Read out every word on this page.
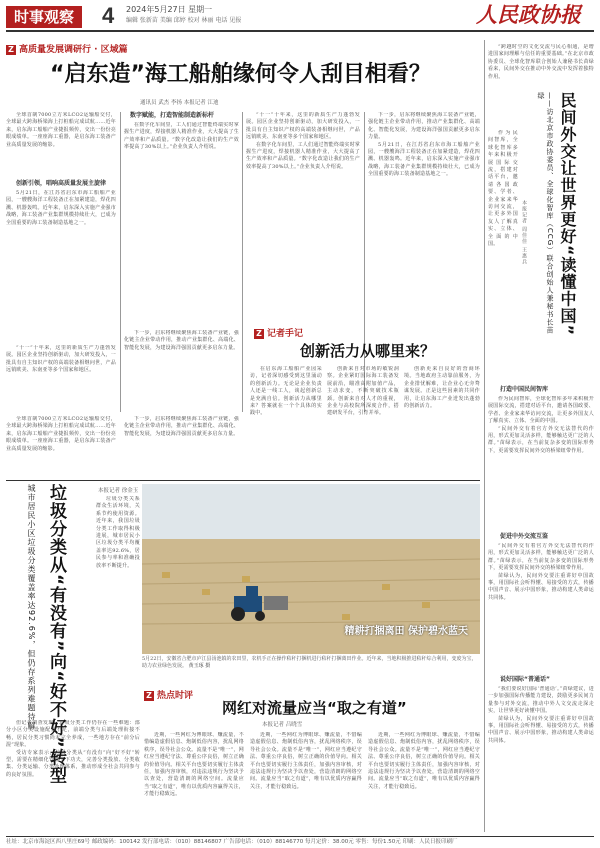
时事观察	4 2024年5月27日 星期一
编辑 张新苗 美编 邱婷 校对 林丽 电话 见报	人民政协报
Z 高质量发展调研行 · 区域篇
“启东造”海工船舶缘何令人刮目相看？
通讯员 武杰 李扬 本报记者 江迪

全球首制7000立方米LCO2运输船交付，全球最大跨海桥梁海上打桩船完成试航……近年来，启东海工船舶产业捷报频传，交出一份份亮眼成绩单。一座座海工重器，是启东海工装备产业高质量发展的缩影。

创新引领，唱响高质量发展主旋律

5月21日，在江苏省启东市海工船舶产业园，一艘艘海洋工程装备正在加紧建造，焊花四溅、机器轰鸣。近年来，启东深入实施产业强市战略，海工装备产业集群规模持续壮大，已成为全国重要的海工装备制造基地之一。

“十一”十年来，这里的新质生产力蓬勃发展。园区企业坚持创新驱动，加大研发投入，一批具有自主知识产权的高端装备相继问世，产品远销欧美、东南亚等多个国家和地区。

数字赋能，打造智能制造新标杆

在数字化车间里，工人们通过智能终端实时掌握生产进度，焊接机器人精准作业，大大提高了生产效率和产品质量。“数字化改造让我们的生产效率提高了30%以上。”企业负责人介绍说。

下一步，启东将继续聚焦海工装备产业链，强化链主企业带动作用，推动产业集群化、高端化、智能化发展，为建设海洋强国贡献更多启东力量。

“十一”十年来，这里的新质生产力蓬勃发展。园区企业坚持创新驱动，加大研发投入，一批具有自主知识产权的高端装备相继问世，产品远销欧美、东南亚等多个国家和地区。

在数字化车间里，工人们通过智能终端实时掌握生产进度，焊接机器人精准作业，大大提高了生产效率和产品质量。“数字化改造让我们的生产效率提高了30%以上。”企业负责人介绍说。

下一步，启东将继续聚焦海工装备产业链，强化链主企业带动作用，推动产业集群化、高端化、智能化发展，为建设海洋强国贡献更多启东力量。

5月21日，在江苏省启东市海工船舶产业园，一艘艘海洋工程装备正在加紧建造，焊花四溅、机器轰鸣。近年来，启东深入实施产业强市战略，海工装备产业集群规模持续壮大，已成为全国重要的海工装备制造基地之一。

Z 记者手记
创新活力从哪里来？

在启东海工船舶产业园采访，记者深切感受到这里涌动的创新活力。无论是企业负责人还是一线工人，谈起创新总是充满自信。创新活力从哪里来？答案就在一个个具体的实践中。

创新来自对市场的敏锐洞察。企业紧盯国际海工装备发展前沿，瞄准高附加值产品，主动求变，不断突破技术瓶颈。创新来自对人才的重视，企业与高校院所深度合作，搭建研发平台，引育并举。

创新更来自良好的营商环境。当地政府主动靠前服务，为企业排忧解难，让企业心无旁骛谋发展。正是这些因素的共同作用，让启东海工产业迸发出蓬勃的创新活力。

全球首制7000立方米LCO2运输船交付，全球最大跨海桥梁海上打桩船完成试航……近年来，启东海工船舶产业捷报频传，交出一份份亮眼成绩单。一座座海工重器，是启东海工装备产业高质量发展的缩影。

下一步，启东将继续聚焦海工装备产业链，强化链主企业带动作用，推动产业集群化、高端化、智能化发展，为建设海洋强国贡献更多启东力量。

垃圾分类从“有没有”向“好不好”转型
城市居民小区垃圾分类覆盖率达92.6%，但仍存系列难题待解	本报记者 徐金玉

垃圾分类关系群众生活环境，关系节约使用资源。近年来，我国垃圾分类工作取得积极进展，城市居民小区垃圾分类平均覆盖率达92.6%，居民参与率和准确投放率不断提升。

但记者调查发现，垃圾分类工作仍存在一些难题：部分小区分类设施配置不足，前端分类与后端处理衔接不畅，居民分类习惯尚未完全养成，一些地方存在“前分后混”现象。

受访专家表示，垃圾分类从“有没有”向“好不好”转型，需要在精细化管理上下功夫，完善分类投放、分类收集、分类运输、分类处理体系，推动形成全社会共同参与的良好氛围。

精耕打捆离田 保护碧水蓝天
5月22日，安徽省合肥市庐江县汤池镇的农田里，农机手正在操作秸秆打捆机进行秸秆打捆离田作业。近年来，当地积极推进秸秆综合利用，变废为宝，助力农业绿色发展。 黄玉琢 摄
Z 热点时评
网红对流量应当“取之有道”
本报记者 吕晓雪

近期，一些网红为博眼球、赚流量，不惜编造虚假信息、炮制低俗内容，扰乱网络秩序，误导社会公众。流量不是“唯一”，网红应当遵纪守法、尊重公序良俗，树立正确的价值导向。相关平台也要切实履行主体责任，加强内容审核，对违法违规行为坚决予以查处，营造清朗的网络空间。流量应当“取之有道”，唯有以优质内容赢得关注，才能行稳致远。

近期，一些网红为博眼球、赚流量，不惜编造虚假信息、炮制低俗内容，扰乱网络秩序，误导社会公众。流量不是“唯一”，网红应当遵纪守法、尊重公序良俗，树立正确的价值导向。相关平台也要切实履行主体责任，加强内容审核，对违法违规行为坚决予以查处，营造清朗的网络空间。流量应当“取之有道”，唯有以优质内容赢得关注，才能行稳致远。

近期，一些网红为博眼球、赚流量，不惜编造虚假信息、炮制低俗内容，扰乱网络秩序，误导社会公众。流量不是“唯一”，网红应当遵纪守法、尊重公序良俗，树立正确的价值导向。相关平台也要切实履行主体责任，加强内容审核，对违法违规行为坚决予以查处，营造清朗的网络空间。流量应当“取之有道”，唯有以优质内容赢得关注，才能行稳致远。

“跨越时空的文化交流与民心相通，是增进国家间理解与信任的重要基础。”在北京市政协委员、全球化智库联合创始人兼秘书长苗绿看来，民间外交在推动中外交流中发挥着独特作用。

民间外交让世界更好“读懂中国”
——访北京市政协委员、全球化智库（CCG）联合创始人兼秘书长苗绿
本报记者 周佳佳 王惠兵

作为民间智库，全球化智库多年来积极开展国际交流，搭建对话平台，邀请各国政要、学者、企业家来华访问交流，让更多外国友人了解真实、立体、全面的中国。

打造中国民间智库

作为民间智库，全球化智库多年来积极开展国际交流，搭建对话平台，邀请各国政要、学者、企业家来华访问交流，让更多外国友人了解真实、立体、全面的中国。

“民间外交有着官方外交无法替代的作用，形式更加灵活多样，能够触达更广泛的人群。”苗绿表示，在当前复杂多变的国际形势下，更需要发挥民间外交的桥梁纽带作用。

促进中外交流互鉴

“民间外交有着官方外交无法替代的作用，形式更加灵活多样，能够触达更广泛的人群。”苗绿表示，在当前复杂多变的国际形势下，更需要发挥民间外交的桥梁纽带作用。

苗绿认为，民间外交要注重讲好中国故事，用国际社会听得懂、易接受的方式，传播中国声音、展示中国形象，推动构建人类命运共同体。

说好国际“普通话”

“我们要说好国际‘普通话’。”苗绿建议，进一步加强国际传播能力建设，鼓励更多民间力量参与对外交流，推动中外人文交流走深走实，让世界更好读懂中国。

苗绿认为，民间外交要注重讲好中国故事，用国际社会听得懂、易接受的方式，传播中国声音、展示中国形象，推动构建人类命运共同体。

社址：北京市海淀区西八里庄69号 邮政编码：100142 发行部电话：（010）88146807 广告部电话：（010）88146770 每月定价：38.00元 零售：每份1.50元 印刷：人民日报印刷厂
